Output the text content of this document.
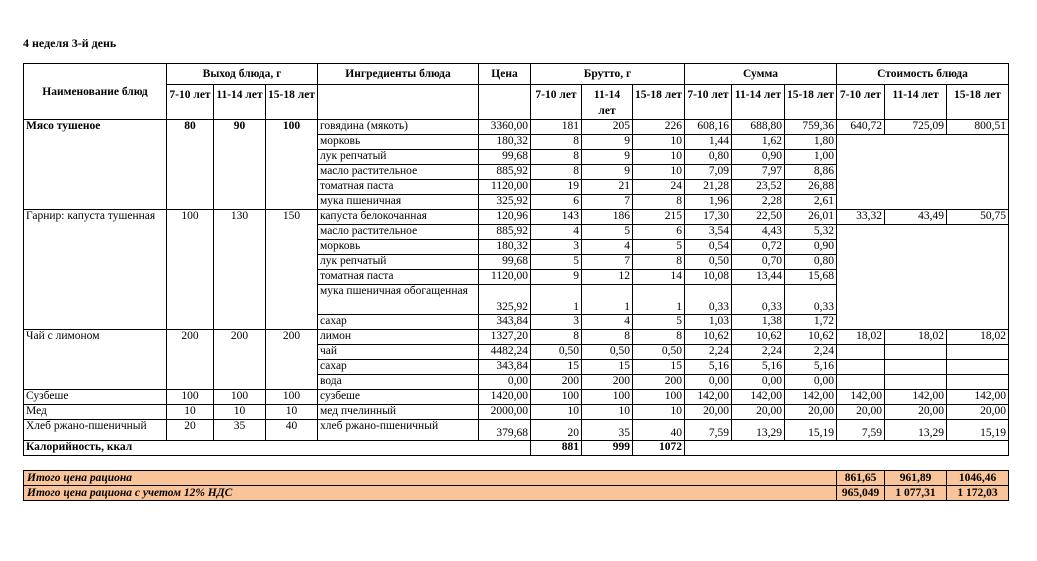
4 неделя 3-й день
Наименование блюд	Выход блюда, г			Ингредиенты блюда	Цена	Брутто, г			Сумма			Стоимость блюда		
	7-10 лет	11-14 лет	15-18 лет			7-10 лет	11-14 лет	15-18 лет	7-10 лет	11-14 лет	15-18 лет	7-10 лет	11-14 лет	15-18 лет
Мясо тушеное	80	90	100	говядина (мякоть)	3360,00	181	205	226	608,16	688,80	759,36	640,72	725,09	800,51
				морковь	180,32	8	9	10	1,44	1,62	1,80			
				лук репчатый	99,68	8	9	10	0,80	0,90	1,00			
				масло растительное	885,92	8	9	10	7,09	7,97	8,86			
				томатная паста	1120,00	19	21	24	21,28	23,52	26,88			
				мука пшеничная	325,92	6	7	8	1,96	2,28	2,61			
Гарнир: капуста тушенная	100	130	150	капуста белокочанная	120,96	143	186	215	17,30	22,50	26,01	33,32	43,49	50,75
				масло растительное	885,92	4	5	6	3,54	4,43	5,32			
				морковь	180,32	3	4	5	0,54	0,72	0,90			
				лук репчатый	99,68	5	7	8	0,50	0,70	0,80			
				томатная паста	1120,00	9	12	14	10,08	13,44	15,68			
				мука пшеничная обогащенная	325,92	1	1	1	0,33	0,33	0,33			
				сахар	343,84	3	4	5	1,03	1,38	1,72			
Чай с лимоном	200	200	200	лимон	1327,20	8	8	8	10,62	10,62	10,62	18,02	18,02	18,02
				чай	4482,24	0,50	0,50	0,50	2,24	2,24	2,24			
				сахар	343,84	15	15	15	5,16	5,16	5,16			
				вода	0,00	200	200	200	0,00	0,00	0,00			
Сузбеше	100	100	100	сузбеше	1420,00	100	100	100	142,00	142,00	142,00	142,00	142,00	142,00
Мед	10	10	10	мед пчелинный	2000,00	10	10	10	20,00	20,00	20,00	20,00	20,00	20,00
Хлеб ржано-пшеничный	20	35	40	хлеб ржано-пшеничный	379,68	20	35	40	7,59	13,29	15,19	7,59	13,29	15,19
Калорийность, ккал						881	999	1072						
Итого цена рациона	861,65	961,89	1046,46
Итого цена рациона с учетом 12% НДС	965,049	1 077,31	1 172,03
